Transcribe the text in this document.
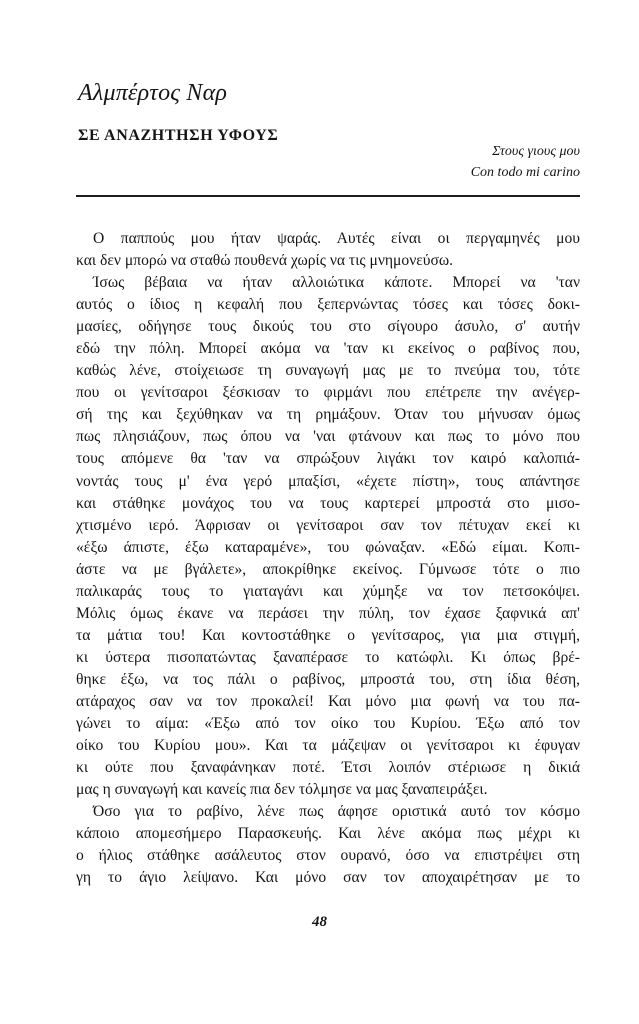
Αλμπέρτος Ναρ
ΣΕ ΑΝΑΖΗΤΗΣΗ ΥΦΟΥΣ
Στους γιους μου
Con todo mi carino
Ο παππούς μου ήταν ψαράς. Αυτές είναι οι περγαμηνές μου
και δεν μπορώ να σταθώ πουθενά χωρίς να τις μνημονεύσω.
Ίσως βέβαια να ήταν αλλοιώτικα κάποτε. Μπορεί να 'ταν
αυτός ο ίδιος η κεφαλή που ξεπερνώντας τόσες και τόσες δοκι-
μασίες, οδήγησε τους δικούς του στο σίγουρο άσυλο, σ' αυτήν
εδώ την πόλη. Μπορεί ακόμα να 'ταν κι εκείνος ο ραβίνος που,
καθώς λένε, στοίχειωσε τη συναγωγή μας με το πνεύμα του, τότε
που οι γενίτσαροι ξέσκισαν το φιρμάνι που επέτρεπε την ανέγερ-
σή της και ξεχύθηκαν να τη ρημάξουν. Όταν του μήνυσαν όμως
πως πλησιάζουν, πως όπου να 'ναι φτάνουν και πως το μόνο που
τους απόμενε θα 'ταν να σπρώξουν λιγάκι τον καιρό καλοπιά-
νοντάς τους μ' ένα γερό μπαξίσι, «έχετε πίστη», τους απάντησε
και στάθηκε μονάχος του να τους καρτερεί μπροστά στο μισο-
χτισμένο ιερό. Άφρισαν οι γενίτσαροι σαν τον πέτυχαν εκεί κι
«έξω άπιστε, έξω καταραμένε», του φώναξαν. «Εδώ είμαι. Κοπι-
άστε να με βγάλετε», αποκρίθηκε εκείνος. Γύμνωσε τότε ο πιο
παλικαράς τους το γιαταγάνι και χύμηξε να τον πετσοκόψει.
Μόλις όμως έκανε να περάσει την πύλη, τον έχασε ξαφνικά απ'
τα μάτια του! Και κοντοστάθηκε ο γενίτσαρος, για μια στιγμή,
κι ύστερα πισοπατώντας ξαναπέρασε το κατώφλι. Κι όπως βρέ-
θηκε έξω, να τος πάλι ο ραβίνος, μπροστά του, στη ίδια θέση,
ατάραχος σαν να τον προκαλεί! Και μόνο μια φωνή να του πα-
γώνει το αίμα: «Έξω από τον οίκο του Κυρίου. Έξω από τον
οίκο του Κυρίου μου». Και τα μάζεψαν οι γενίτσαροι κι έφυγαν
κι ούτε που ξαναφάνηκαν ποτέ. Έτσι λοιπόν στέριωσε η δικιά
μας η συναγωγή και κανείς πια δεν τόλμησε να μας ξαναπειράξει.
Όσο για το ραβίνο, λένε πως άφησε οριστικά αυτό τον κόσμο
κάποιο απομεσήμερο Παρασκευής. Και λένε ακόμα πως μέχρι κι
ο ήλιος στάθηκε ασάλευτος στον ουρανό, όσο να επιστρέψει στη
γη το άγιο λείψανο. Και μόνο σαν τον αποχαιρέτησαν με το
48
